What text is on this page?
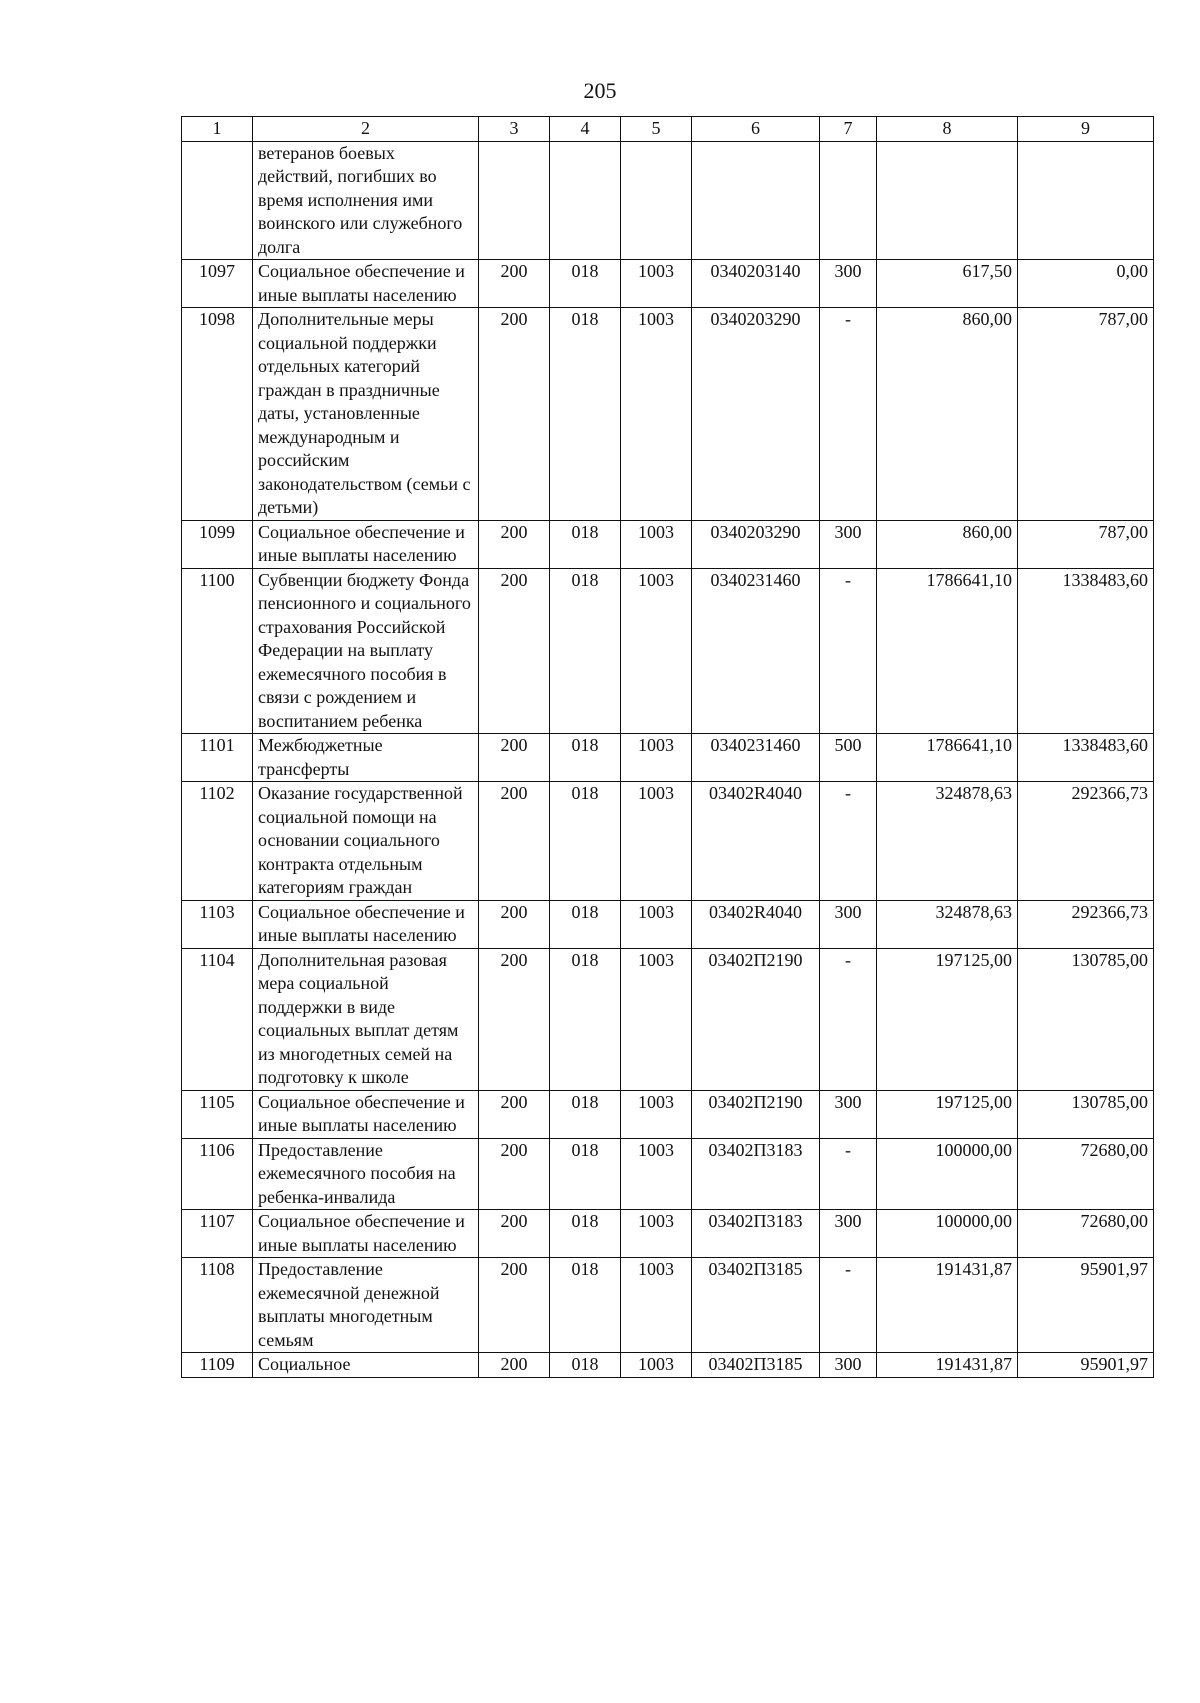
205
1	2	3	4	5	6	7	8	9
	ветеранов боевых действий, погибших во время исполнения ими воинского или служебного долга							
1097	Социальное обеспечение и иные выплаты населению	200	018	1003	0340203140	300	617,50	0,00
1098	Дополнительные меры социальной поддержки отдельных категорий граждан в праздничные даты, установленные международным и российским законодательством (семьи с детьми)	200	018	1003	0340203290	-	860,00	787,00
1099	Социальное обеспечение и иные выплаты населению	200	018	1003	0340203290	300	860,00	787,00
1100	Субвенции бюджету Фонда пенсионного и социального страхования Российской Федерации на выплату ежемесячного пособия в связи с рождением и воспитанием ребенка	200	018	1003	0340231460	-	1786641,10	1338483,60
1101	Межбюджетные трансферты	200	018	1003	0340231460	500	1786641,10	1338483,60
1102	Оказание государственной социальной помощи на основании социального контракта отдельным категориям граждан	200	018	1003	03402R4040	-	324878,63	292366,73
1103	Социальное обеспечение и иные выплаты населению	200	018	1003	03402R4040	300	324878,63	292366,73
1104	Дополнительная разовая мера социальной поддержки в виде социальных выплат детям из многодетных семей на подготовку к школе	200	018	1003	03402П2190	-	197125,00	130785,00
1105	Социальное обеспечение и иные выплаты населению	200	018	1003	03402П2190	300	197125,00	130785,00
1106	Предоставление ежемесячного пособия на ребенка-инвалида	200	018	1003	03402П3183	-	100000,00	72680,00
1107	Социальное обеспечение и иные выплаты населению	200	018	1003	03402П3183	300	100000,00	72680,00
1108	Предоставление ежемесячной денежной выплаты многодетным семьям	200	018	1003	03402П3185	-	191431,87	95901,97
1109	Социальное	200	018	1003	03402П3185	300	191431,87	95901,97
